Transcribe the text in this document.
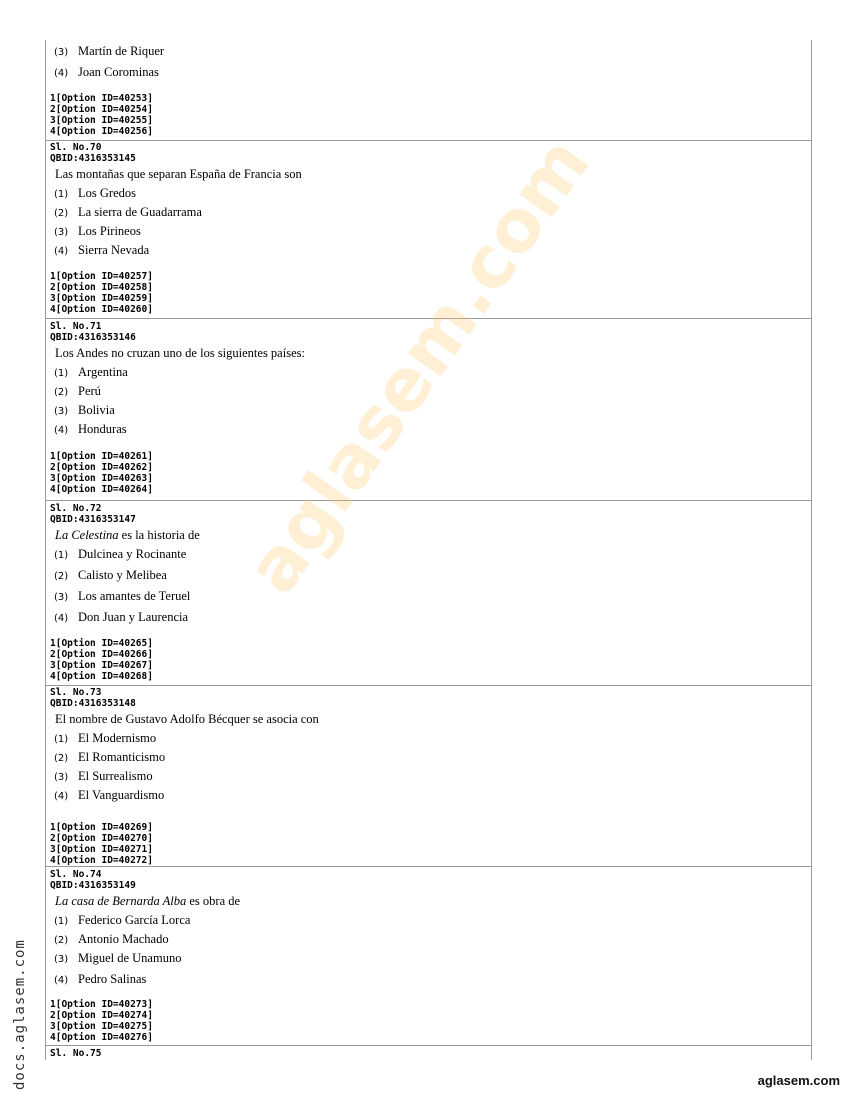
(3) Martín de Riquer
(4) Joan Corominas
1[Option ID=40253]
2[Option ID=40254]
3[Option ID=40255]
4[Option ID=40256]
Sl. No.70
QBID:4316353145
Las montañas que separan España de Francia son
(1) Los Gredos
(2) La sierra de Guadarrama
(3) Los Pirineos
(4) Sierra Nevada
1[Option ID=40257]
2[Option ID=40258]
3[Option ID=40259]
4[Option ID=40260]
Sl. No.71
QBID:4316353146
Los Andes no cruzan uno de los siguientes países:
(1) Argentina
(2) Perú
(3) Bolivia
(4) Honduras
1[Option ID=40261]
2[Option ID=40262]
3[Option ID=40263]
4[Option ID=40264]
Sl. No.72
QBID:4316353147
La Celestina es la historia de
(1) Dulcinea y Rocinante
(2) Calisto y Melibea
(3) Los amantes de Teruel
(4) Don Juan y Laurencia
1[Option ID=40265]
2[Option ID=40266]
3[Option ID=40267]
4[Option ID=40268]
Sl. No.73
QBID:4316353148
El nombre de Gustavo Adolfo Bécquer se asocia con
(1) El Modernismo
(2) El Romanticismo
(3) El Surrealismo
(4) El Vanguardismo
1[Option ID=40269]
2[Option ID=40270]
3[Option ID=40271]
4[Option ID=40272]
Sl. No.74
QBID:4316353149
La casa de Bernarda Alba es obra de
(1) Federico García Lorca
(2) Antonio Machado
(3) Miguel de Unamuno
(4) Pedro Salinas
1[Option ID=40273]
2[Option ID=40274]
3[Option ID=40275]
4[Option ID=40276]
Sl. No.75
aglasem.com
docs.aglasem.com	aglasem.com
